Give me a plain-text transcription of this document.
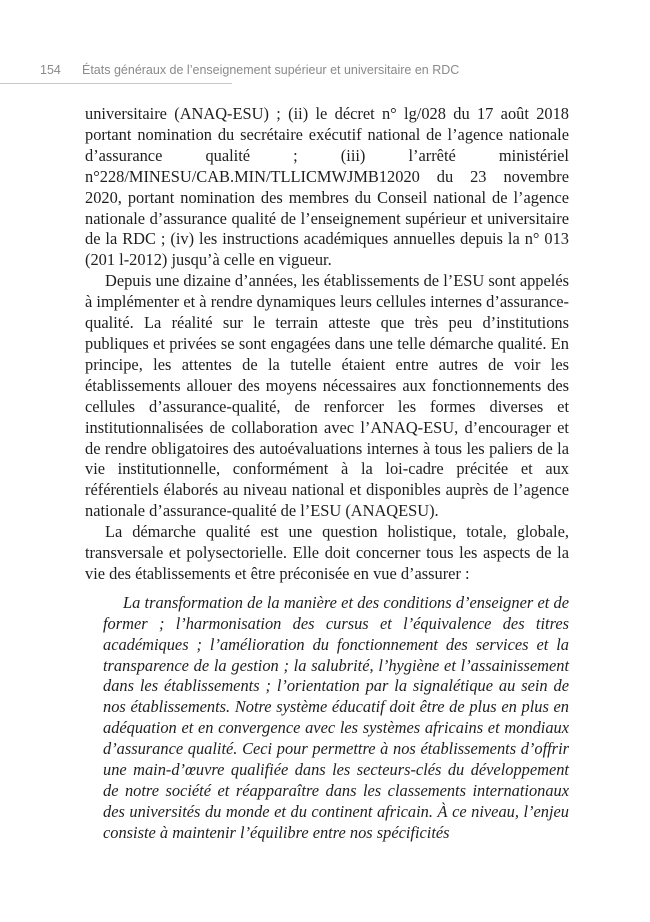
154 États généraux de l’enseignement supérieur et universitaire en RDC

universitaire (ANAQ-ESU) ; (ii) le décret n° lg/028 du 17 août 2018 portant nomination du secrétaire exécutif national de l’agence nationale d’assurance qualité ; (iii) l’arrêté ministériel n°228/MINESU/CAB.MIN/TLLICMWJMB12020 du 23 novembre 2020, portant nomination des membres du Conseil national de l’agence nationale d’assurance qualité de l’enseignement supérieur et universitaire de la RDC ; (iv) les instructions académiques annuelles depuis la n° 013 (201 l-2012) jusqu’à celle en vigueur.

Depuis une dizaine d’années, les établissements de l’ESU sont appelés à implémenter et à rendre dynamiques leurs cellules internes d’assurance-qualité. La réalité sur le terrain atteste que très peu d’institutions publiques et privées se sont engagées dans une telle démarche qualité. En principe, les attentes de la tutelle étaient entre autres de voir les établissements allouer des moyens nécessaires aux fonctionnements des cellules d’assurance-qualité, de renforcer les formes diverses et institutionnalisées de collaboration avec l’ANAQ-ESU, d’encourager et de rendre obligatoires des autoévaluations internes à tous les paliers de la vie institutionnelle, conformément à la loi-cadre précitée et aux référentiels élaborés au niveau national et disponibles auprès de l’agence nationale d’assurance-qualité de l’ESU (ANAQESU).

La démarche qualité est une question holistique, totale, globale, transversale et polysectorielle. Elle doit concerner tous les aspects de la vie des établissements et être préconisée en vue d’assurer :

La transformation de la manière et des conditions d’enseigner et de former ; l’harmonisation des cursus et l’équivalence des titres académiques ; l’amélioration du fonctionnement des services et la transparence de la gestion ; la salubrité, l’hygiène et l’assainissement dans les établissements ; l’orientation par la signalétique au sein de nos établissements. Notre système éducatif doit être de plus en plus en adéquation et en convergence avec les systèmes africains et mondiaux d’assurance qualité. Ceci pour permettre à nos établissements d’offrir une main-d’œuvre qualifiée dans les secteurs-clés du développement de notre société et réapparaître dans les classements internationaux des universités du monde et du continent africain. À ce niveau, l’enjeu consiste à maintenir l’équilibre entre nos spécificités
